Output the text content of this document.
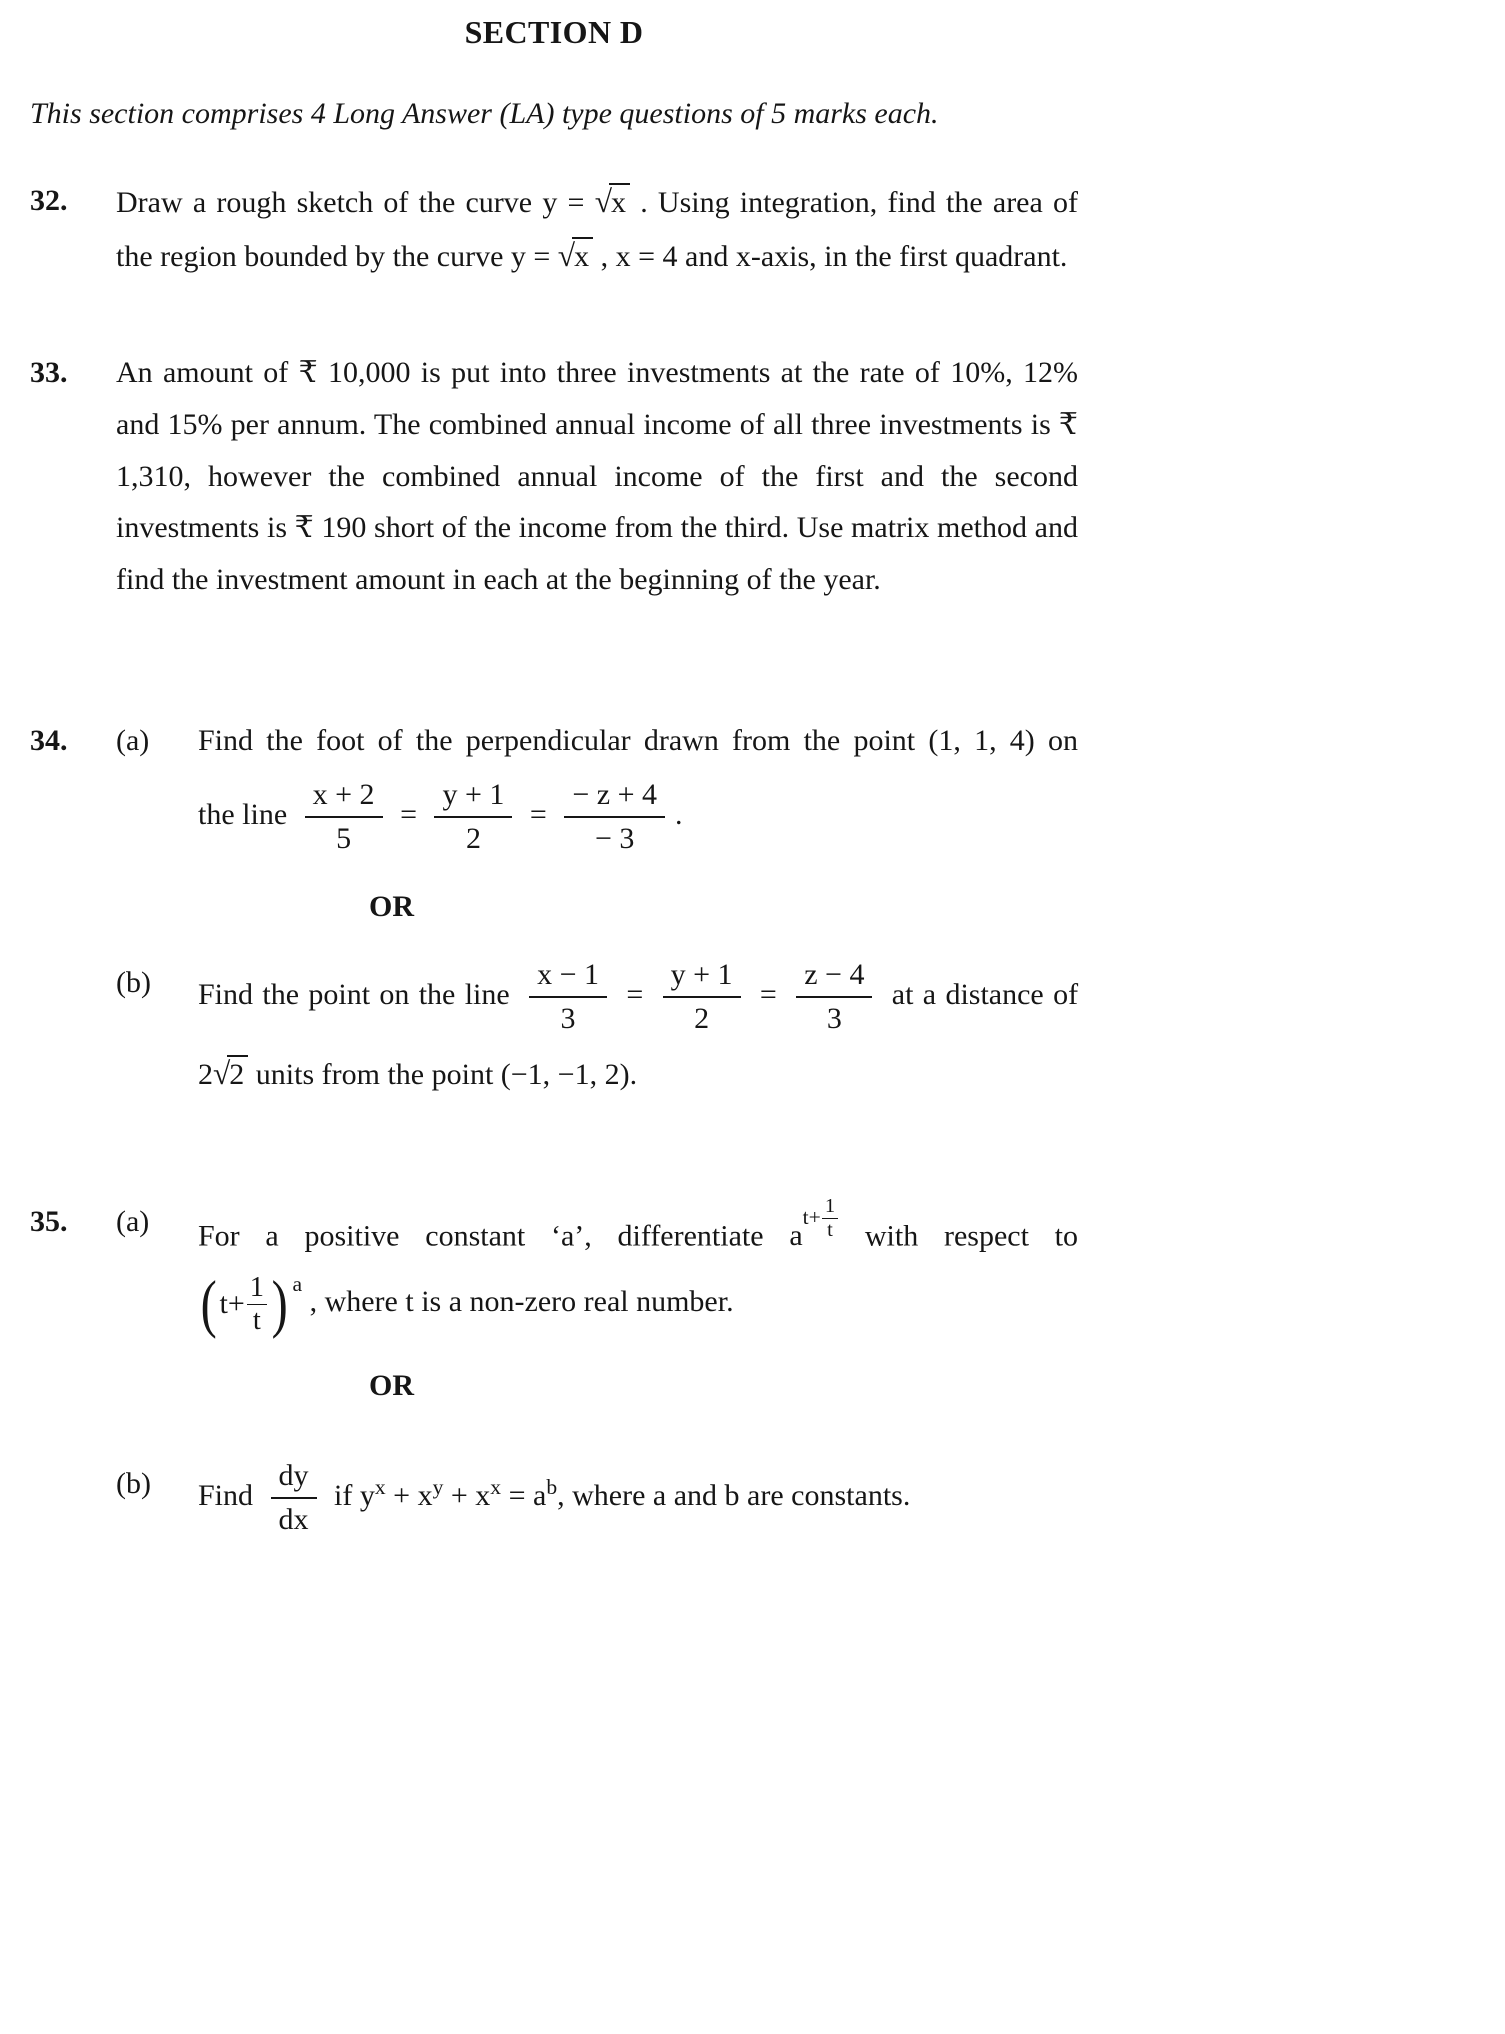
SECTION D

This section comprises 4 Long Answer (LA) type questions of 5 marks each.

32.	Draw a rough sketch of the curve y = √x . Using integration, find the area of the region bounded by the curve y = √x , x = 4 and x-axis, in the first quadrant.
33.	An amount of ₹ 10,000 is put into three investments at the rate of 10%, 12% and 15% per annum. The combined annual income of all three investments is ₹ 1,310, however the combined annual income of the first and the second investments is ₹ 190 short of the income from the third. Use matrix method and find the investment amount in each at the beginning of the year.
34.	(a)	Find the foot of the perpendicular drawn from the point (1, 1, 4) on
the line $\frac{x + 2}{5} = \frac{y + 1}{2} = \frac{- z + 4}{- 3}$ .
OR
(b)	Find the point on the line $\frac{x - 1}{3} = \frac{y + 1}{2} = \frac{z - 4}{3}$ at a distance of
2√2 units from the point (−1, −1, 2).
35.	(a)	For a positive constant ‘a’, differentiate $at+ \frac{1}{t}$ with respect to
( $t+ \frac{1}{t}$ ) a
, where t is a non-zero real number.
OR
(b)	Find $\frac{dy}{dx}$ if $y^x + x^y + x^x = a^b$, where a and b are constants.
